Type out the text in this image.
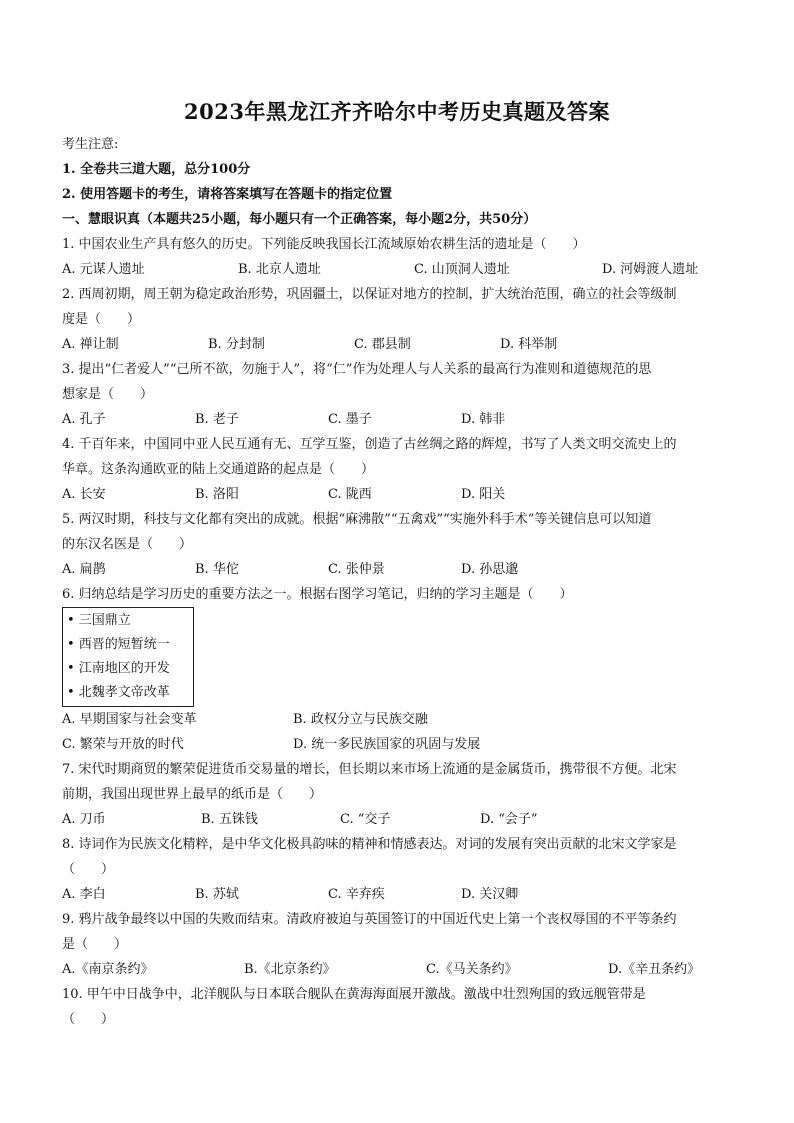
2023年黑龙江齐齐哈尔中考历史真题及答案
考生注意:
1. 全卷共三道大题，总分100分
2. 使用答题卡的考生，请将答案填写在答题卡的指定位置
一、慧眼识真（本题共25小题，每小题只有一个正确答案，每小题2分，共50分）
1. 中国农业生产具有悠久的历史。下列能反映我国长江流域原始农耕生活的遗址是（　　）
A. 元谋人遗址	B. 北京人遗址	C. 山顶洞人遗址	D. 河姆渡人遗址
2. 西周初期，周王朝为稳定政治形势，巩固疆土，以保证对地方的控制，扩大统治范围，确立的社会等级制
度是（　　）
A. 禅让制	B. 分封制	C. 郡县制	D. 科举制
3. 提出“仁者爱人”“己所不欲，勿施于人”，将“仁”作为处理人与人关系的最高行为准则和道德规范的思
想家是（　　）
A. 孔子	B. 老子	C. 墨子	D. 韩非
4. 千百年来，中国同中亚人民互通有无、互学互鉴，创造了古丝绸之路的辉煌，书写了人类文明交流史上的
华章。这条沟通欧亚的陆上交通道路的起点是（　　）
A. 长安	B. 洛阳	C. 陇西	D. 阳关
5. 两汉时期，科技与文化都有突出的成就。根据“麻沸散”“五禽戏”“实施外科手术”等关键信息可以知道
的东汉名医是（　　）
A. 扁鹊	B. 华佗	C. 张仲景	D. 孙思邈
6. 归纳总结是学习历史的重要方法之一。根据右图学习笔记，归纳的学习主题是（　　）
• 三国鼎立
• 西晋的短暂统一
• 江南地区的开发
• 北魏孝文帝改革
A. 早期国家与社会变革	B. 政权分立与民族交融
C. 繁荣与开放的时代	D. 统一多民族国家的巩固与发展
7. 宋代时期商贸的繁荣促进货币交易量的增长，但长期以来市场上流通的是金属货币，携带很不方便。北宋
前期，我国出现世界上最早的纸币是（　　）
A. 刀币	B. 五铢钱	C. “交子	D. “会子”
8. 诗词作为民族文化精粹，是中华文化极具韵味的精神和情感表达。对词的发展有突出贡献的北宋文学家是
（　　）
A. 李白	B. 苏轼	C. 辛弃疾	D. 关汉卿
9. 鸦片战争最终以中国的失败而结束。清政府被迫与英国签订的中国近代史上第一个丧权辱国的不平等条约
是（　　）
A.《南京条约》	B.《北京条约》	C.《马关条约》	D.《辛丑条约》
10. 甲午中日战争中，北洋舰队与日本联合舰队在黄海海面展开激战。激战中壮烈殉国的致远舰管带是
（　　）
